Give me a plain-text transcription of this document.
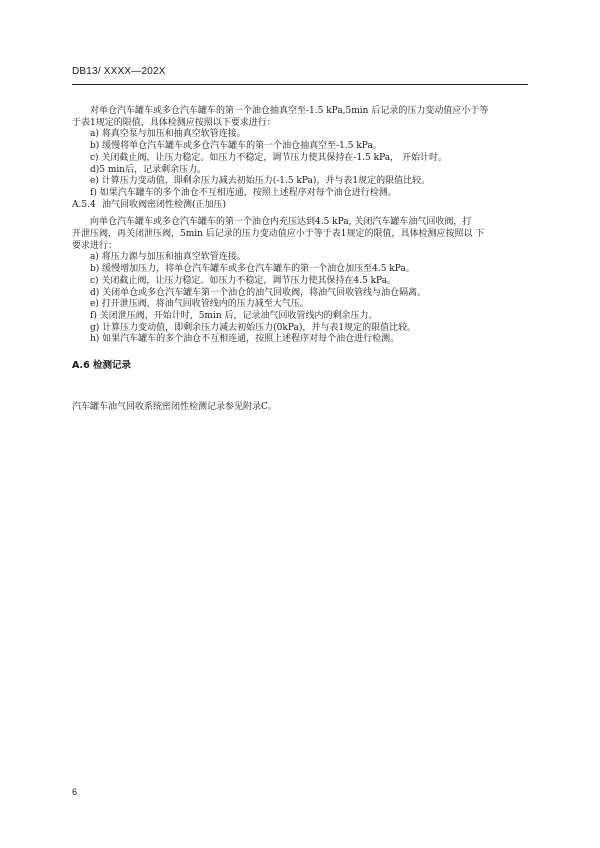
DB13/ XXXX—202X

对单仓汽车罐车或多仓汽车罐车的第一个油仓抽真空至-1.5 kPa,5min 后记录的压力变动值应小于等

于表1规定的限值，具体检测应按照以下要求进行：

a) 将真空泵与加压和抽真空软管连接。

b) 缓慢将单仓汽车罐车或多仓汽车罐车的第一个油仓抽真空至-1.5 kPa。

c) 关闭截止阀，让压力稳定。如压力不稳定，调节压力使其保持在-1.5 kPa， 开始计时。

d)5 min后，记录剩余压力。

e) 计算压力变动值，即剩余压力减去初始压力(-1.5 kPa)，并与表1规定的限值比较。

f) 如果汽车罐车的多个油仓不互相连通，按照上述程序对每个油仓进行检测。

A.5.4 油气回收阀密闭性检测(正加压)

向单仓汽车罐车或多仓汽车罐车的第一个油仓内充压达到4.5 kPa, 关闭汽车罐车油气回收阀，打

开泄压阀，再关闭泄压阀，5min 后记录的压力变动值应小于等于表1规定的限值，具体检测应按照以 下

要求进行：

a) 将压力源与加压和抽真空软管连接。

b) 缓慢增加压力，将单仓汽车罐车或多仓汽车罐车的第一个油仓加压至4.5 kPa。

c) 关闭截止阀，让压力稳定。如压力不稳定，调节压力使其保持在4.5 kPa。

d) 关闭单仓或多仓汽车罐车第一个油仓的油气回收阀，将油气回收管线与油仓隔离。

e) 打开泄压阀，将油气回收管线内的压力减至大气压。

f) 关闭泄压阀，开始计时，5min 后，记录油气回收管线内的剩余压力。

g) 计算压力变动值，即剩余压力减去初始压力(0kPa)，并与表1规定的限值比较。

h) 如果汽车罐车的多个油仓不互相连通，按照上述程序对每个油仓进行检测。

A.6 检测记录

汽车罐车油气回收系统密闭性检测记录参见附录C。

6
